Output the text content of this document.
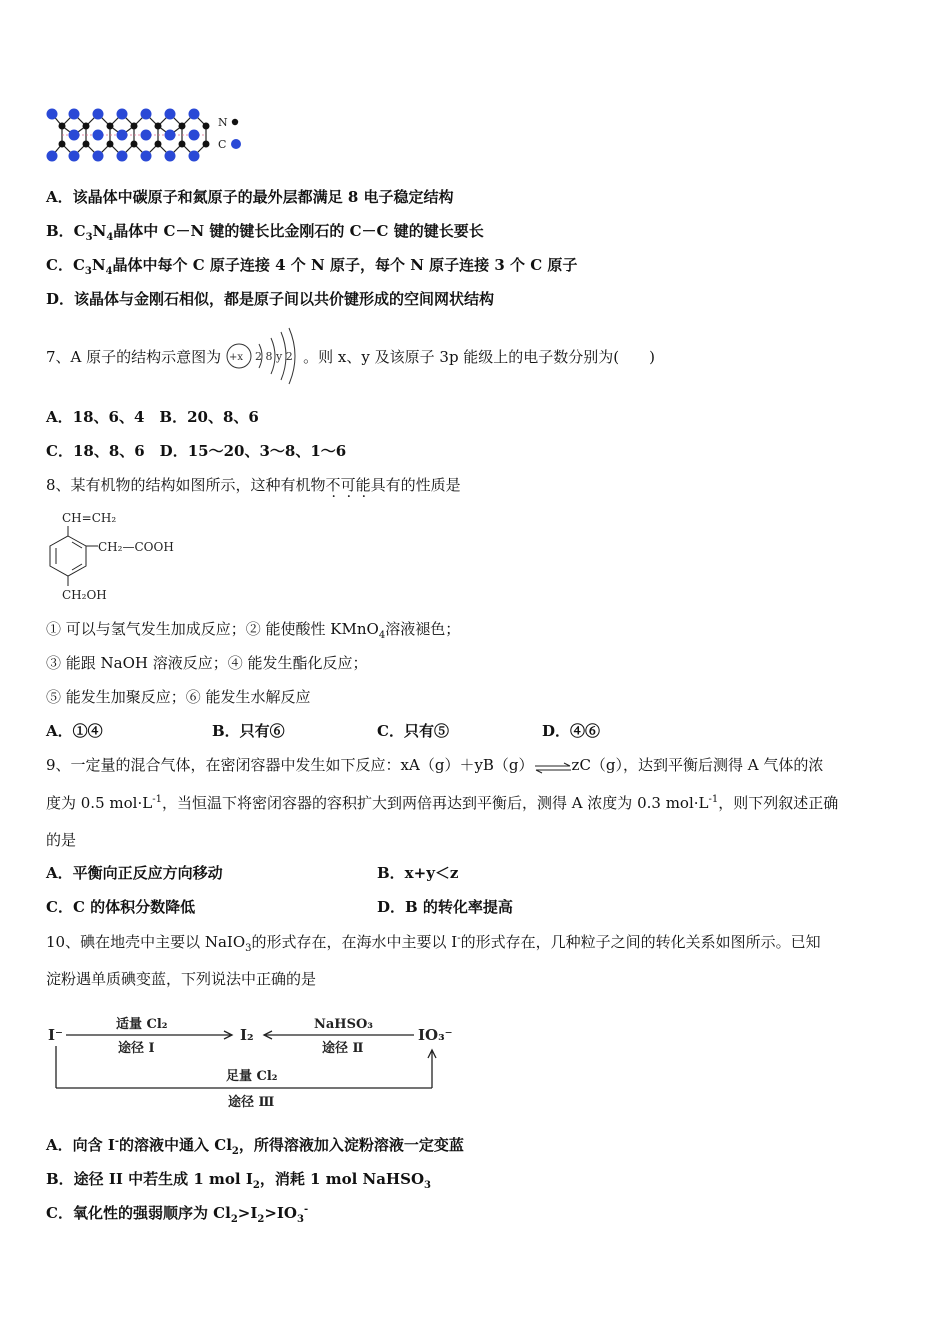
N
C
A．该晶体中碳原子和氮原子的最外层都满足 8 电子稳定结构
B．$C_3N_4$晶体中 C－N 键的键长比金刚石的 C－C 键的键长要长
C．$C_3N_4$晶体中每个 C 原子连接 4 个 N 原子，每个 N 原子连接 3 个 C 原子
D．该晶体与金刚石相似，都是原子间以共价键形成的空间网状结构
7、A 原子的结构示意图为 +x 2 8 y 2 。则 x、y 及该原子 3p 能级上的电子数分别为(　　)
A．18、6、4　B．20、8、6
C．18、8、6　D．15～20、3～8、1～6
8、某有机物的结构如图所示，这种有机物不可能具有的性质是
CH=CH₂
CH₂—COOH
CH₂OH
① 可以与氢气发生加成反应；② 能使酸性 KMnO$_4$溶液褪色；
③ 能跟 NaOH 溶液反应；④ 能发生酯化反应；
⑤ 能发生加聚反应；⑥ 能发生水解反应
A．①④	B．只有⑥	C．只有⑤	D．④⑥
9、一定量的混合气体，在密闭容器中发生如下反应：xA（g）＋yB（g）⇌zC（g），达到平衡后测得 A 气体的浓
度为 0.5 $mol\cdot L^{-1}$，当恒温下将密闭容器的容积扩大到两倍再达到平衡后，测得 A 浓度为 0.3 $mol\cdot L^{-1}$，则下列叙述正确
的是
A．平衡向正反应方向移动	B．x+y＜z
C．C 的体积分数降低	D．B 的转化率提高
10、碘在地壳中主要以 NaIO$_3$的形式存在，在海水中主要以 I-的形式存在，几种粒子之间的转化关系如图所示。已知
淀粉遇单质碘变蓝，下列说法中正确的是
I⁻	I₂	IO₃⁻
适量 Cl₂
途径 Ⅰ
NaHSO₃
途径 Ⅱ
足量 Cl₂
途径 Ⅲ
A．向含 I-的溶液中通入 $Cl_2$，所得溶液加入淀粉溶液一定变蓝
B．途径 II 中若生成 1 mol $I_2$，消耗 1 mol NaHSO$_3$
C．氧化性的强弱顺序为 $Cl_2>I_2>IO_3^-$
